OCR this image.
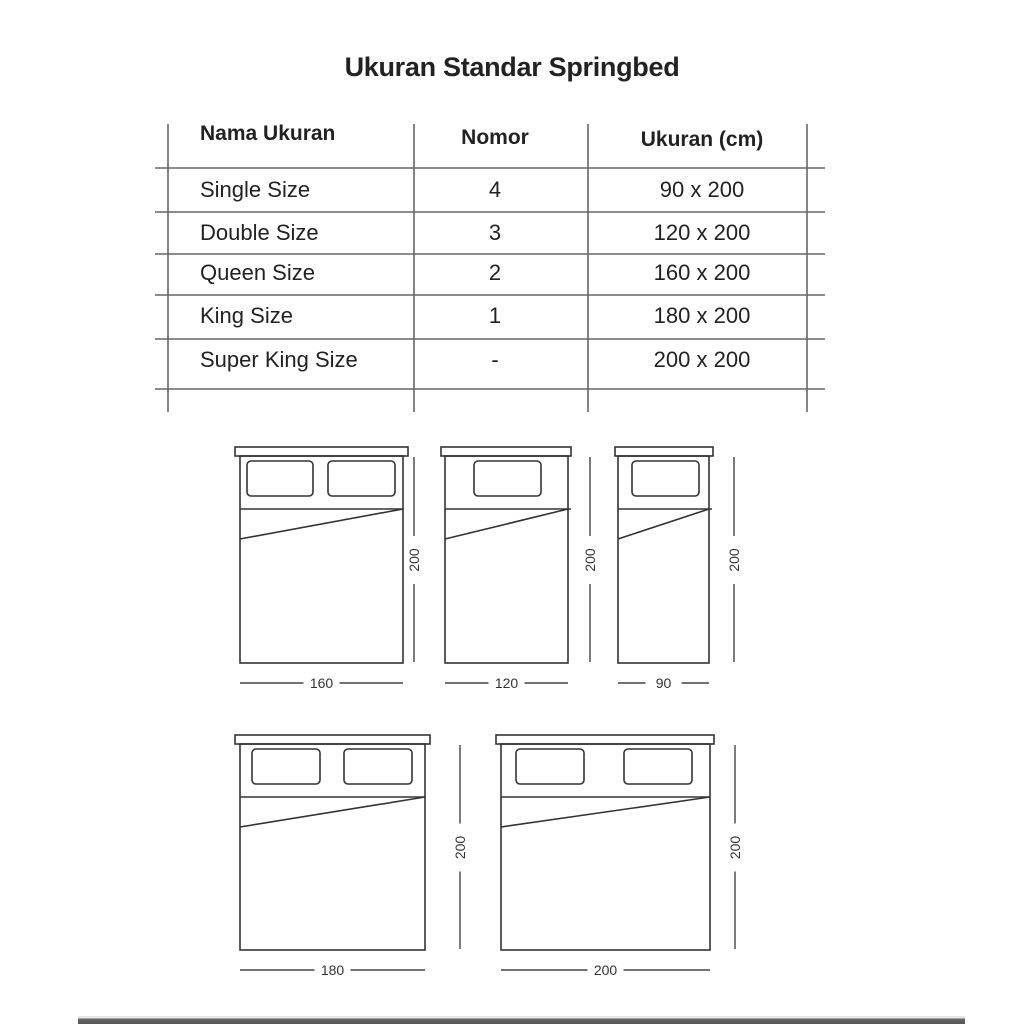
Ukuran Standar Springbed
Nama Ukuran	Nomor	Ukuran (cm)
Single Size	4	90 x 200
Double Size	3	120 x 200
Queen Size	2	160 x 200
King Size	1	180 x 200
Super King Size	-	200 x 200
200
160
200
120
200
90
200
180
200
200
